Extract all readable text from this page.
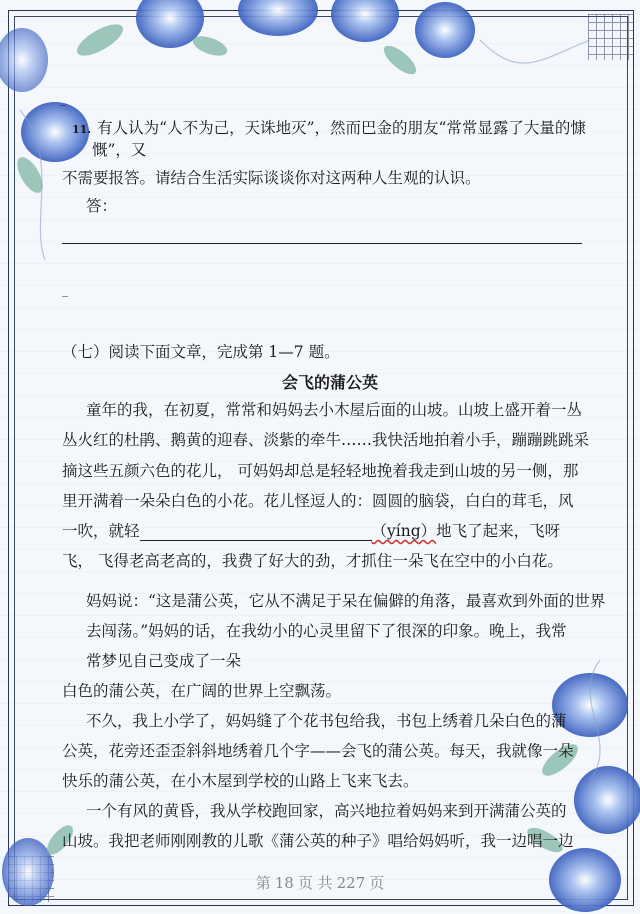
_
11. 有人认为“人不为己，天诛地灭”，然而巴金的朋友“常常显露了大量的慷
慨”，又
不需要报答。请结合生活实际谈谈你对这两种人生观的认识。
答：
_
（七）阅读下面文章，完成第 1—7 题。
会飞的蒲公英
童年的我，在初夏，常常和妈妈去小木屋后面的山坡。山坡上盛开着一丛
丛火红的杜鹃、鹅黄的迎春、淡紫的牵牛……我快活地拍着小手，蹦蹦跳跳采
摘这些五颜六色的花儿， 可妈妈却总是轻轻地挽着我走到山坡的另一侧，那
里开满着一朵朵白色的小花。花儿怪逗人的：圆圆的脑袋，白白的茸毛，风
一吹，就轻	（yíng）地飞了起来，飞呀
飞， 飞得老高老高的，我费了好大的劲，才抓住一朵飞在空中的小白花。
妈妈说：“这是蒲公英，它从不满足于呆在偏僻的角落，最喜欢到外面的世界
去闯荡。”妈妈的话，在我幼小的心灵里留下了很深的印象。晚上，我常
常梦见自己变成了一朵
白色的蒲公英，在广阔的世界上空飘荡。
不久，我上小学了，妈妈缝了个花书包给我，书包上绣着几朵白色的蒲
公英，花旁还歪歪斜斜地绣着几个字——会飞的蒲公英。每天，我就像一朵
快乐的蒲公英，在小木屋到学校的山路上飞来飞去。
一个有风的黄昏，我从学校跑回家，高兴地拉着妈妈来到开满蒲公英的
山坡。我把老师刚刚教的儿歌《蒲公英的种子》唱给妈妈听，我一边唱一边
第 18 页 共 227 页
